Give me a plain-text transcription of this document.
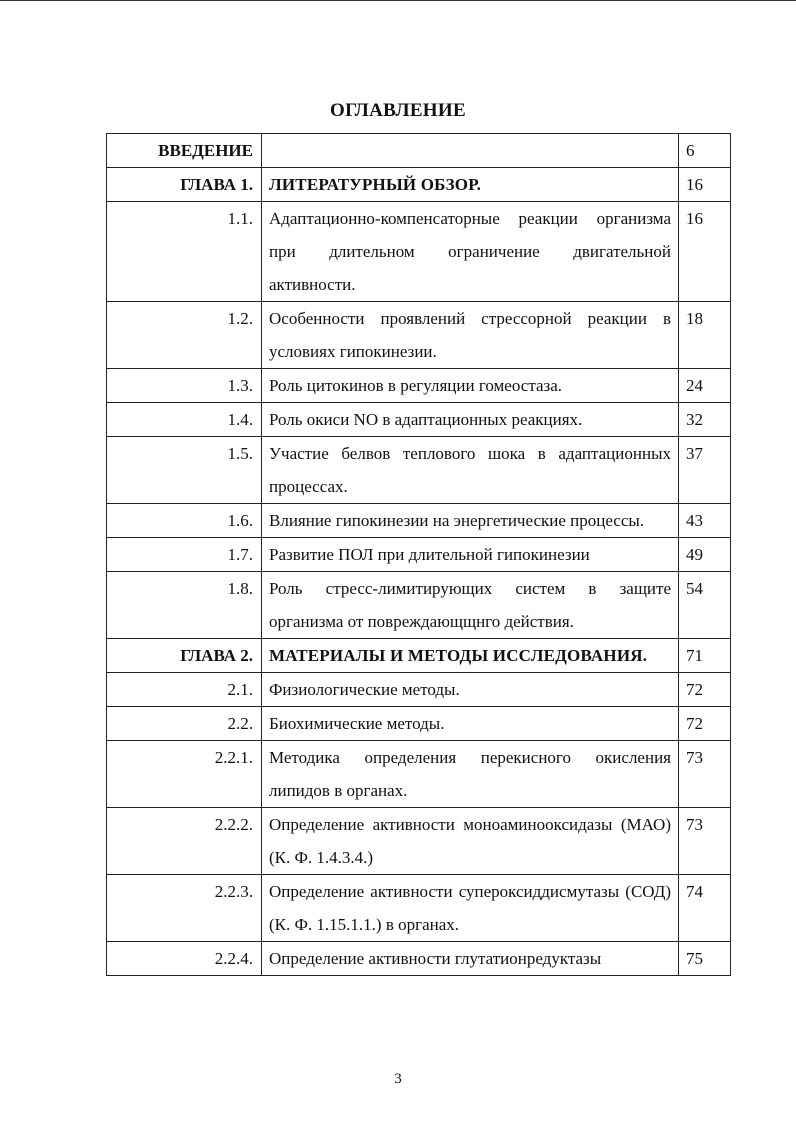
ОГЛАВЛЕНИЕ
ВВЕДЕНИЕ		6
ГЛАВА 1.	ЛИТЕРАТУРНЫЙ ОБЗОР.	16
1.1.	Адаптационно-компенсаторные реакции организма при длительном ограничение двигательной активности.	16
1.2.	Особенности проявлений стрессорной реакции в условиях гипокинезии.	18
1.3.	Роль цитокинов в регуляции гомеостаза.	24
1.4.	Роль окиси NO в адаптационных реакциях.	32
1.5.	Участие белвов теплового шока в адаптационных процессах.	37
1.6.	Влияние гипокинезии на энергетические процессы.	43
1.7.	Развитие ПОЛ при длительной гипокинезии	49
1.8.	Роль стресс-лимитирующих систем в защите организма от повреждающщнго действия.	54
ГЛАВА 2.	МАТЕРИАЛЫ И МЕТОДЫ ИССЛЕДОВАНИЯ.	71
2.1.	Физиологические методы.	72
2.2.	Биохимические методы.	72
2.2.1.	Методика определения перекисного окисления липидов в органах.	73
2.2.2.	Определение активности моноаминооксидазы (МАО) (К. Ф. 1.4.3.4.)	73
2.2.3.	Определение активности супероксиддисмутазы (СОД) (К. Ф. 1.15.1.1.) в органах.	74
2.2.4.	Определение активности глутатионредуктазы	75
3
